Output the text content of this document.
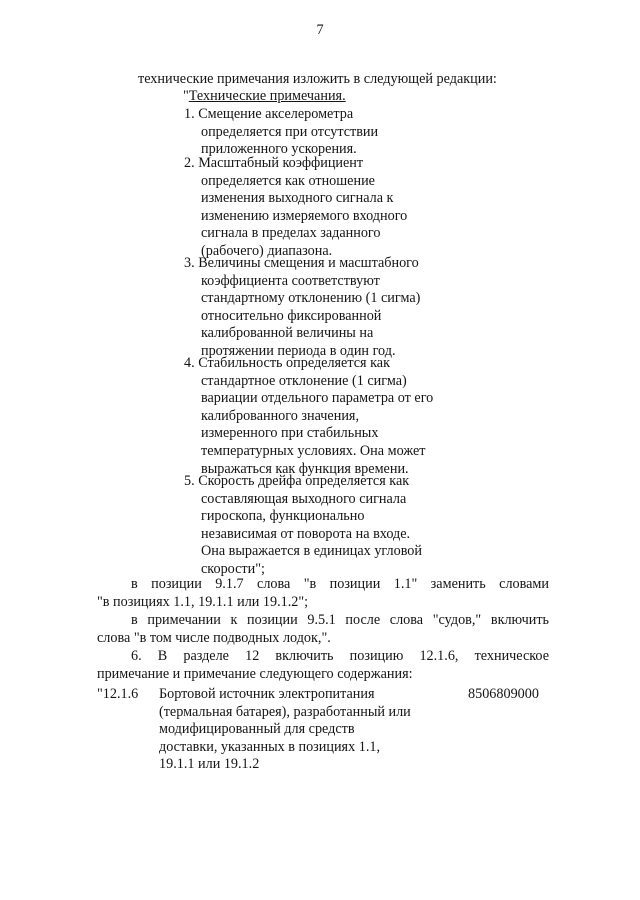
7
технические примечания изложить в следующей редакции:
"Технические примечания.
1. Смещение акселерометра
определяется при отсутствии
приложенного ускорения.
2. Масштабный коэффициент
определяется как отношение
изменения выходного сигнала к
изменению измеряемого входного
сигнала в пределах заданного
(рабочего) диапазона.
3. Величины смещения и масштабного
коэффициента соответствуют
стандартному отклонению (1 сигма)
относительно фиксированной
калиброванной величины на
протяжении периода в один год.
4. Стабильность определяется как
стандартное отклонение (1 сигма)
вариации отдельного параметра от его
калиброванного значения,
измеренного при стабильных
температурных условиях. Она может
выражаться как функция времени.
5. Скорость дрейфа определяется как
составляющая выходного сигнала
гироскопа, функционально
независимая от поворота на входе.
Она выражается в единицах угловой
скорости";
в позиции 9.1.7 слова "в позиции 1.1" заменить словами
"в позициях 1.1, 19.1.1 или 19.1.2";
в примечании к позиции 9.5.1 после слова "судов," включить
слова "в том числе подводных лодок,".
6. В разделе 12 включить позицию 12.1.6, техническое
примечание и примечание следующего содержания:
"12.1.6 Бортовой источник электропитания
(термальная батарея), разработанный или
модифицированный для средств
доставки, указанных в позициях 1.1,
19.1.1 или 19.1.2
8506809000
